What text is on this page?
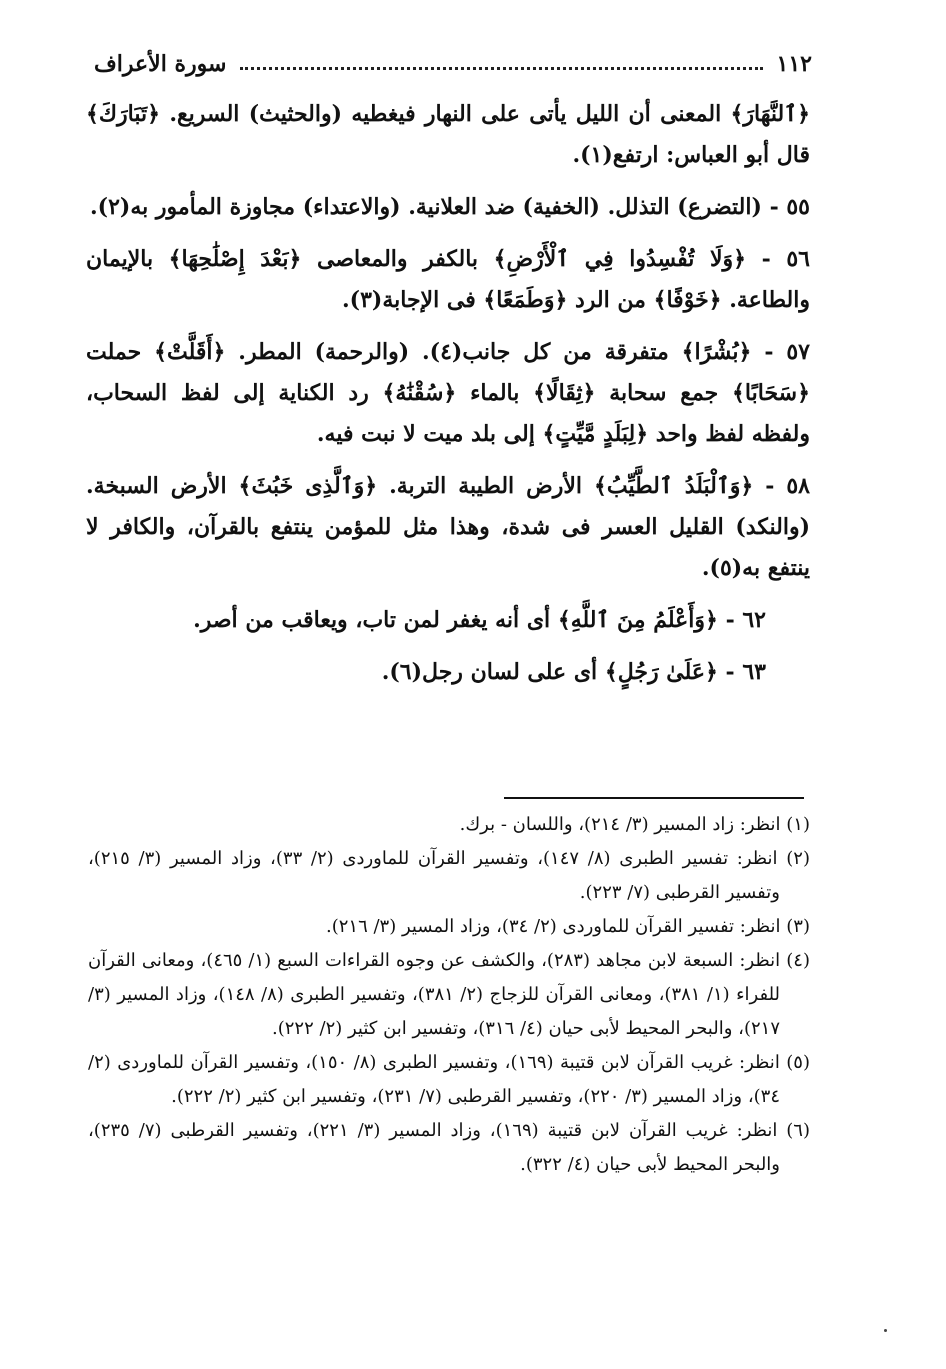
١١٢
سورة الأعراف

﴿ٱلنَّهَارَ﴾ المعنى أن الليل يأتى على النهار فيغطيه (والحثيث) السريع. ﴿تَبَارَكَ﴾ قال أبو العباس: ارتفع(١).

٥٥ - (التضرع) التذلل. (الخفية) ضد العلانية. (والاعتداء) مجاوزة المأمور به(٢).

٥٦ - ﴿وَلَا تُفْسِدُوا فِي ٱلْأَرْضِ﴾ بالكفر والمعاصى ﴿بَعْدَ إِصْلَٰحِهَا﴾ بالإيمان والطاعة. ﴿خَوْفًا﴾ من الرد ﴿وَطَمَعًا﴾ فى الإجابة(٣).

٥٧ - ﴿بُشْرًا﴾ متفرقة من كل جانب(٤). (والرحمة) المطر. ﴿أَقَلَّتْ﴾ حملت ﴿سَحَابًا﴾ جمع سحابة ﴿ثِقَالًا﴾ بالماء ﴿سُقْنَٰهُ﴾ رد الكناية إلى لفظ السحاب، ولفظه لفظ واحد ﴿لِبَلَدٍ مَّيِّتٍ﴾ إلى بلد ميت لا نبت فيه.

٥٨ - ﴿وَٱلْبَلَدُ ٱلطَّيِّبُ﴾ الأرض الطيبة التربة. ﴿وَٱلَّذِى خَبُثَ﴾ الأرض السبخة. (والنكد) القليل العسر فى شدة، وهذا مثل للمؤمن ينتفع بالقرآن، والكافر لا ينتفع به(٥).

٦٢ - ﴿وَأَعْلَمُ مِنَ ٱللَّهِ﴾ أى أنه يغفر لمن تاب، ويعاقب من أصر.

٦٣ - ﴿عَلَىٰ رَجُلٍ﴾ أى على لسان رجل(٦).

(١) انظر: زاد المسير (٣/ ٢١٤)، واللسان - برك.

(٢) انظر: تفسير الطبرى (٨/ ١٤٧)، وتفسير القرآن للماوردى (٢/ ٣٣)، وزاد المسير (٣/ ٢١٥)، وتفسير القرطبى (٧/ ٢٢٣).

(٣) انظر: تفسير القرآن للماوردى (٢/ ٣٤)، وزاد المسير (٣/ ٢١٦).

(٤) انظر: السبعة لابن مجاهد (٢٨٣)، والكشف عن وجوه القراءات السبع (١/ ٤٦٥)، ومعانى القرآن للفراء (١/ ٣٨١)، ومعانى القرآن للزجاج (٢/ ٣٨١)، وتفسير الطبرى (٨/ ١٤٨)، وزاد المسير (٣/ ٢١٧)، والبحر المحيط لأبى حيان (٤/ ٣١٦)، وتفسير ابن كثير (٢/ ٢٢٢).

(٥) انظر: غريب القرآن لابن قتيبة (١٦٩)، وتفسير الطبرى (٨/ ١٥٠)، وتفسير القرآن للماوردى (٢/ ٣٤)، وزاد المسير (٣/ ٢٢٠)، وتفسير القرطبى (٧/ ٢٣١)، وتفسير ابن كثير (٢/ ٢٢٢).

(٦) انظر: غريب القرآن لابن قتيبة (١٦٩)، وزاد المسير (٣/ ٢٢١)، وتفسير القرطبى (٧/ ٢٣٥)، والبحر المحيط لأبى حيان (٤/ ٣٢٢).
